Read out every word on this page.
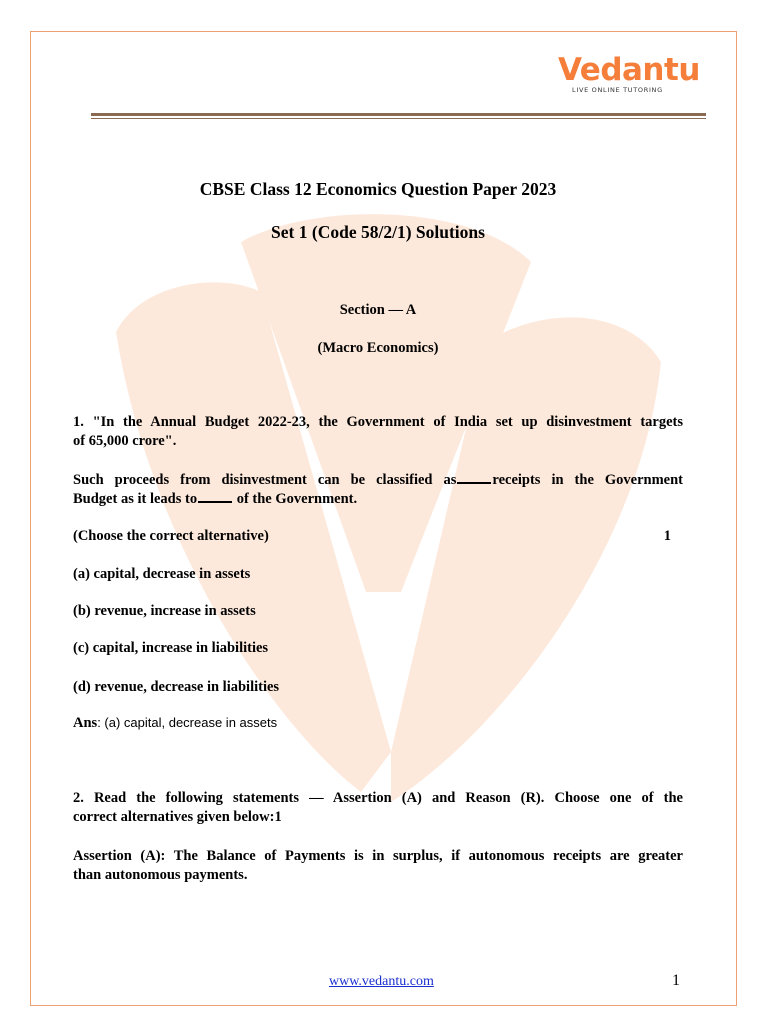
Vedantu
LIVE ONLINE TUTORING
CBSE Class 12 Economics Question Paper 2023
Set 1 (Code 58/2/1) Solutions
Section — A
(Macro Economics)
1. "In the Annual Budget 2022-23, the Government of India set up disinvestment targets
of 65,000 crore".
Such proceeds from disinvestment can be classified as receipts in the Government
Budget as it leads to of the Government.
(Choose the correct alternative)	1
(a) capital, decrease in assets
(b) revenue, increase in assets
(c) capital, increase in liabilities
(d) revenue, decrease in liabilities
Ans: (a) capital, decrease in assets
2. Read the following statements — Assertion (A) and Reason (R). Choose one of the
correct alternatives given below:1
Assertion (A): The Balance of Payments is in surplus, if autonomous receipts are greater
than autonomous payments.
www.vedantu.com	1
